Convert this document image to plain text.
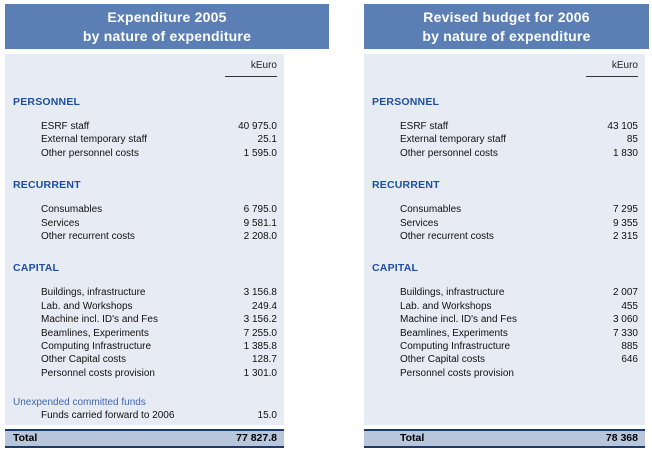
Expenditure 2005
by nature of expenditure
kEuro
PERSONNEL
ESRF staff	40 975.0
External temporary staff	25.1
Other personnel costs	1 595.0
RECURRENT
Consumables	6 795.0
Services	9 581.1
Other recurrent costs	2 208.0
CAPITAL
Buildings, infrastructure	3 156.8
Lab. and Workshops	249.4
Machine incl. ID's and Fes	3 156.2
Beamlines, Experiments	7 255.0
Computing Infrastructure	1 385.8
Other Capital costs	128.7
Personnel costs provision	1 301.0
Unexpended committed funds
Funds carried forward to 2006	15.0
Total	77 827.8
Revised budget for 2006
by nature of expenditure
kEuro
PERSONNEL
ESRF staff	43 105
External temporary staff	85
Other personnel costs	1 830
RECURRENT
Consumables	7 295
Services	9 355
Other recurrent costs	2 315
CAPITAL
Buildings, infrastructure	2 007
Lab. and Workshops	455
Machine incl. ID's and Fes	3 060
Beamlines, Experiments	7 330
Computing Infrastructure	885
Other Capital costs	646
Personnel costs provision
Total	78 368
